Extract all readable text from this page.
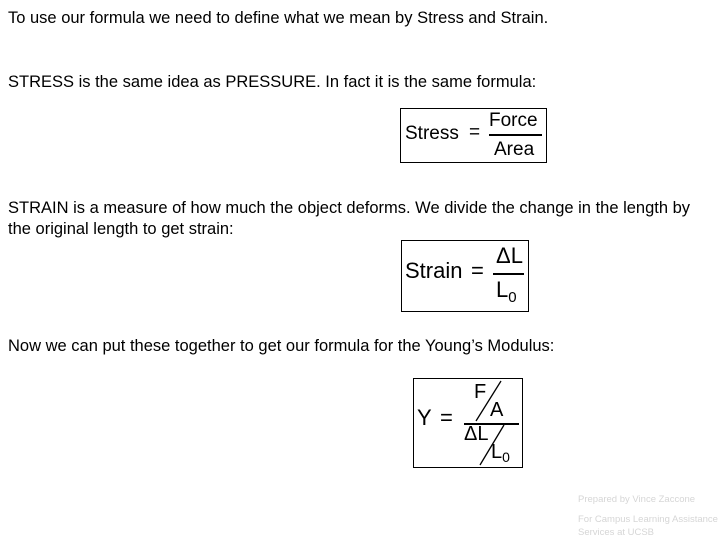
To use our formula we need to define what we mean by Stress and Strain.

STRESS is the same idea as PRESSURE. In fact it is the same formula:

Stress =
Force
Area

STRAIN is a measure of how much the object deforms. We divide the change in the length by the original length to get strain:

Strain =
ΔL
$L_0$

Now we can put these together to get our formula for the Young’s Modulus:

Y =
F
A
ΔL
$L_0$
Prepared by Vince Zaccone
For Campus Learning Assistance Services at UCSB
